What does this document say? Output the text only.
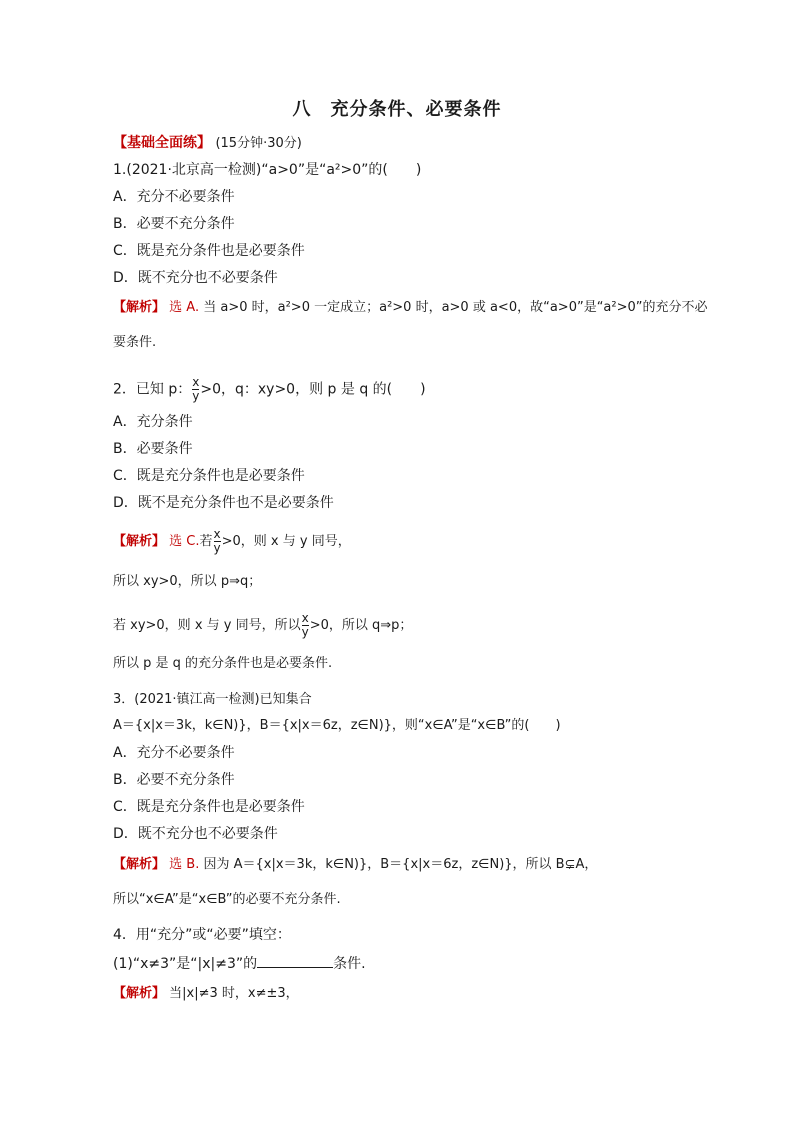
八　充分条件、必要条件
【基础全面练】 (15分钟·30分)
1.(2021·北京高一检测)“a>0”是“a²>0”的(　　)
A．充分不必要条件
B．必要不充分条件
C．既是充分条件也是必要条件
D．既不充分也不必要条件
【解析】 选 A. 当 a>0 时，a²>0 一定成立；a²>0 时，a>0 或 a<0，故“a>0”是“a²>0”的充分不必
要条件.
2．已知 p： $\frac{x}{y} >0$，q：xy>0，则 p 是 q 的(　　)
A．充分条件
B．必要条件
C．既是充分条件也是必要条件
D．既不是充分条件也不是必要条件
【解析】 选 C.若 $\frac{x}{y} >0$，则 x 与 y 同号，
所以 xy>0，所以 p⇒q；
若 xy>0，则 x 与 y 同号，所以 $\frac{x}{y} >0$，所以 q⇒p；
所以 p 是 q 的充分条件也是必要条件.
3．(2021·镇江高一检测)已知集合
A＝{x|x＝3k，k∈N)}，B＝{x|x＝6z，z∈N)}，则“x∈A”是“x∈B”的(　　)
A．充分不必要条件
B．必要不充分条件
C．既是充分条件也是必要条件
D．既不充分也不必要条件
【解析】 选 B. 因为 A＝{x|x＝3k，k∈N)}，B＝{x|x＝6z，z∈N)}，所以 B⊊A，
所以“x∈A”是“x∈B”的必要不充分条件.
4．用“充分”或“必要”填空：
(1)“x≠3”是“|x|≠3”的	条件.
【解析】 当|x|≠3 时，x≠±3，
